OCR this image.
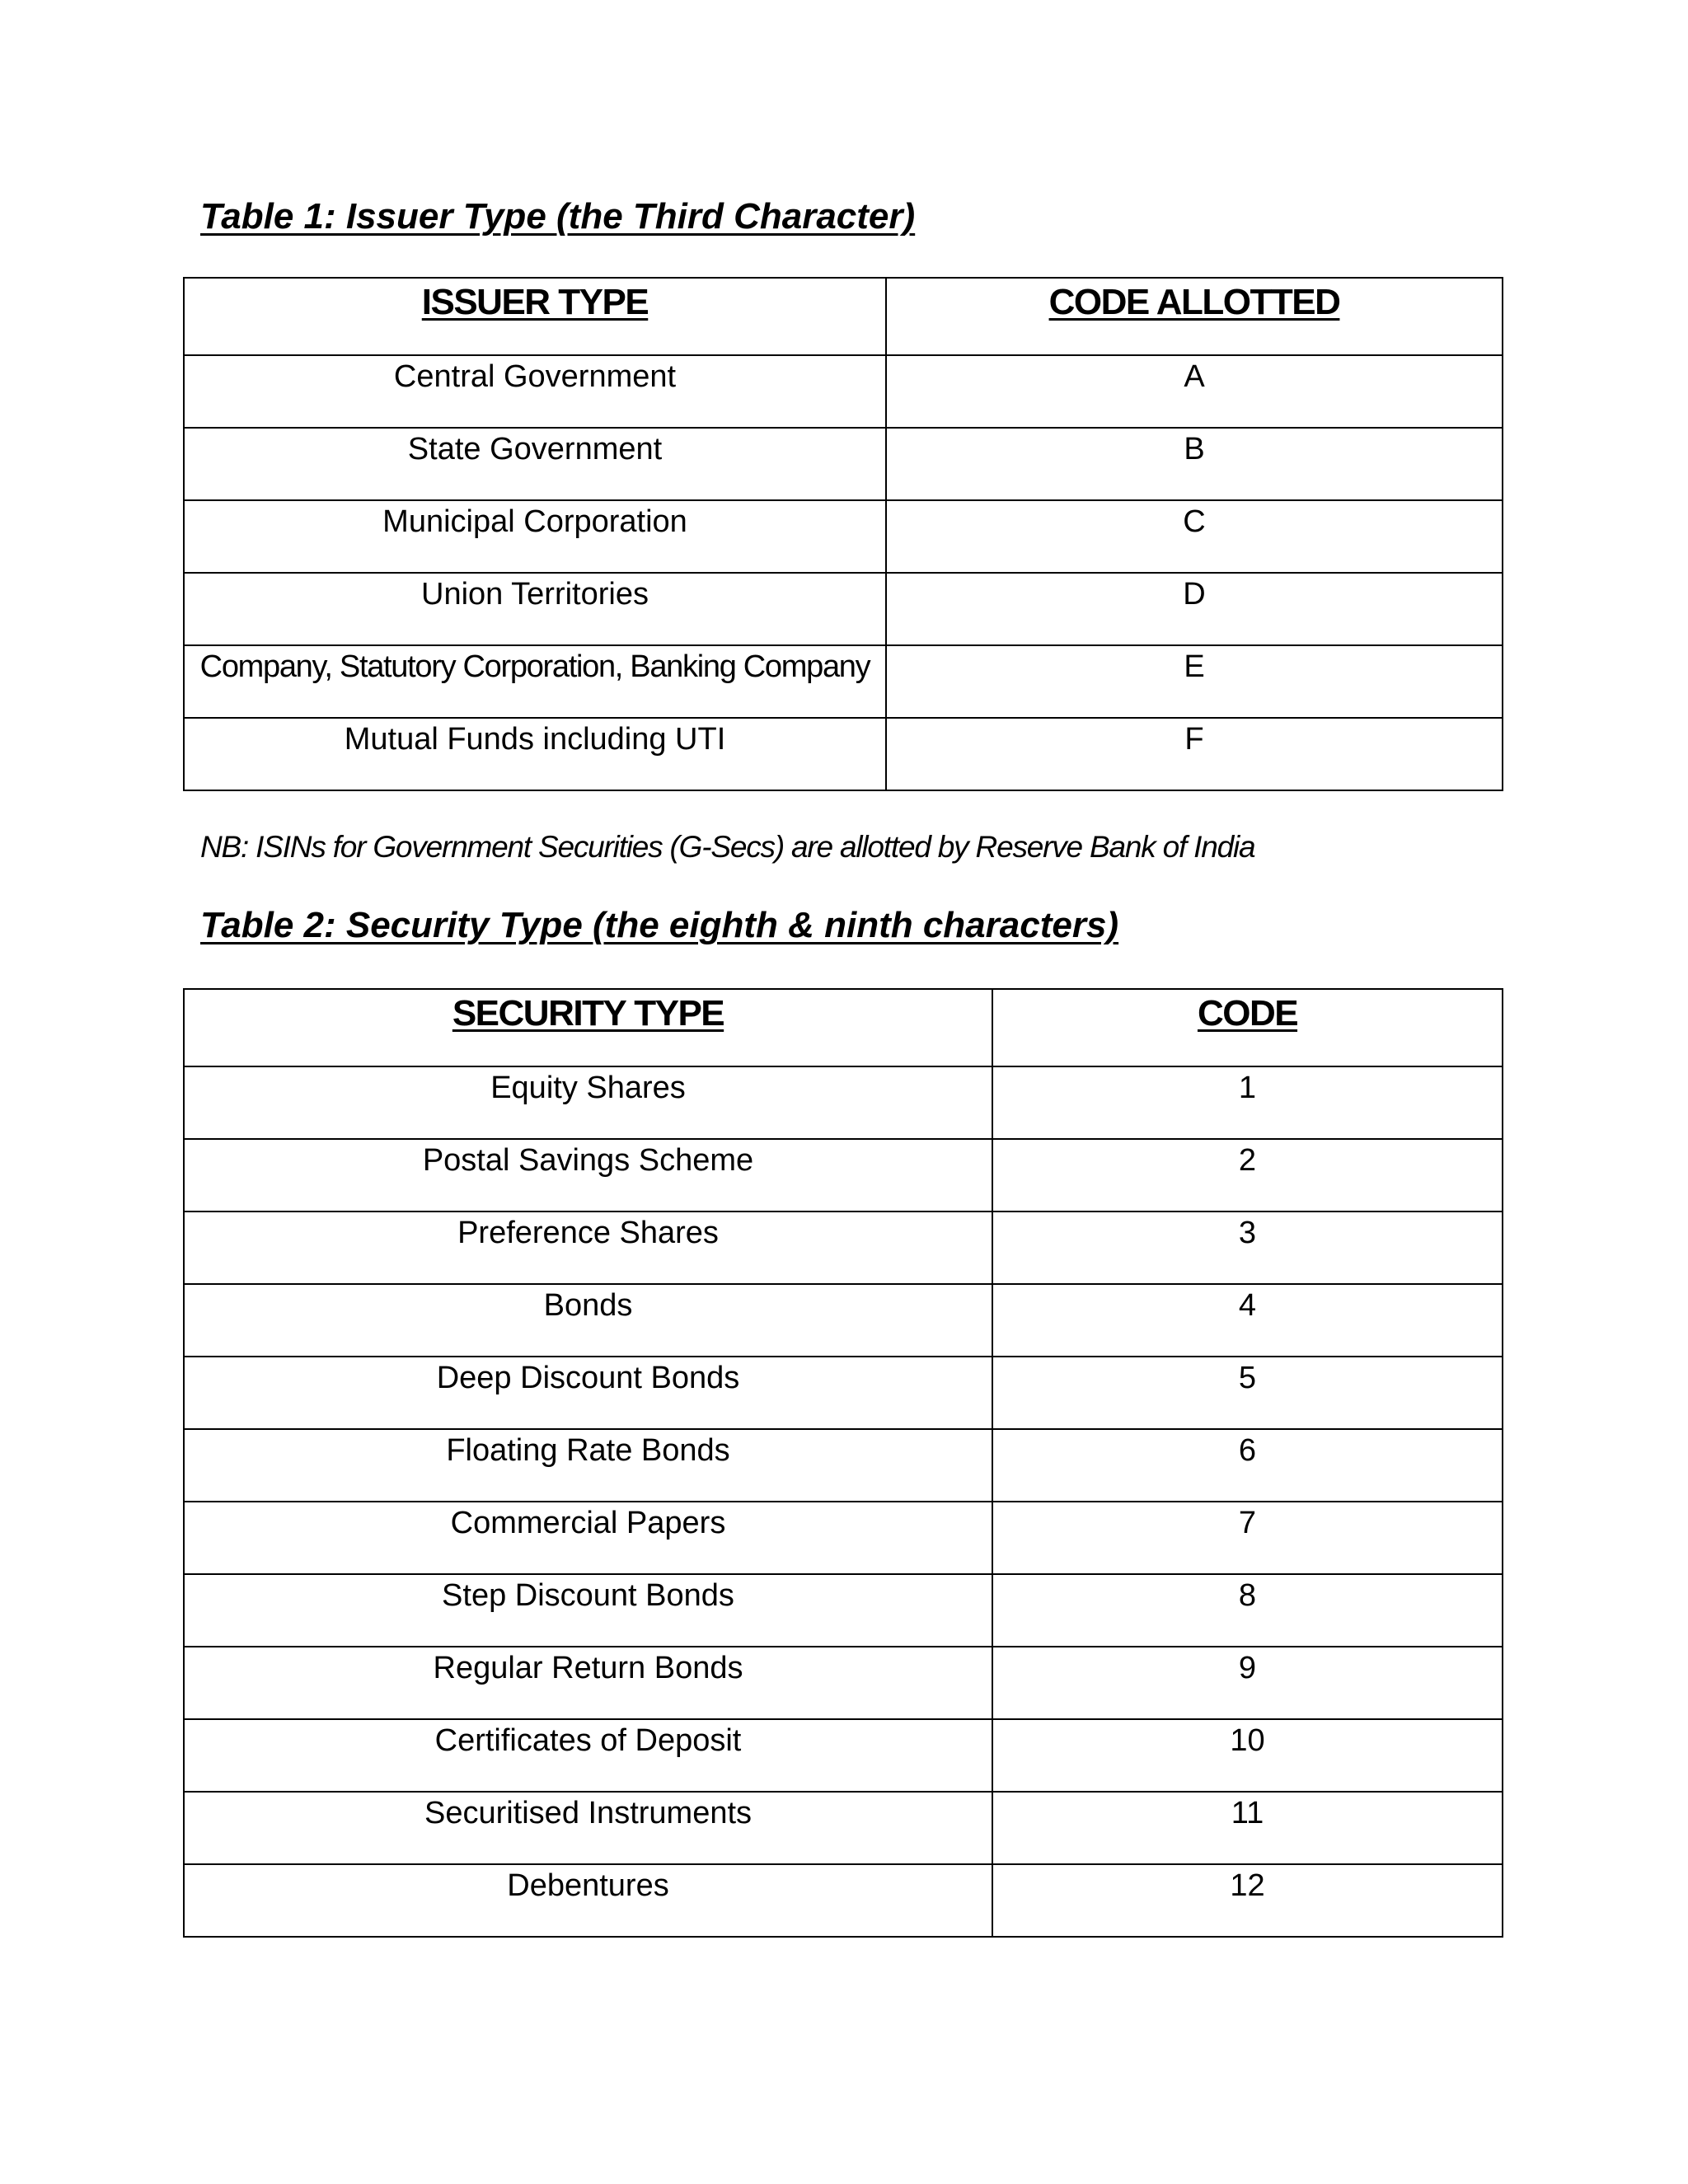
Table 1: Issuer Type (the Third Character)
ISSUER TYPE	CODE ALLOTTED
Central Government	A
State Government	B
Municipal Corporation	C
Union Territories	D
Company, Statutory Corporation, Banking Company	E
Mutual Funds including UTI	F
NB: ISINs for Government Securities (G-Secs) are allotted by Reserve Bank of India
Table 2: Security Type (the eighth & ninth characters)
SECURITY TYPE	CODE
Equity Shares	1
Postal Savings Scheme	2
Preference Shares	3
Bonds	4
Deep Discount Bonds	5
Floating Rate Bonds	6
Commercial Papers	7
Step Discount Bonds	8
Regular Return Bonds	9
Certificates of Deposit	10
Securitised Instruments	11
Debentures	12
